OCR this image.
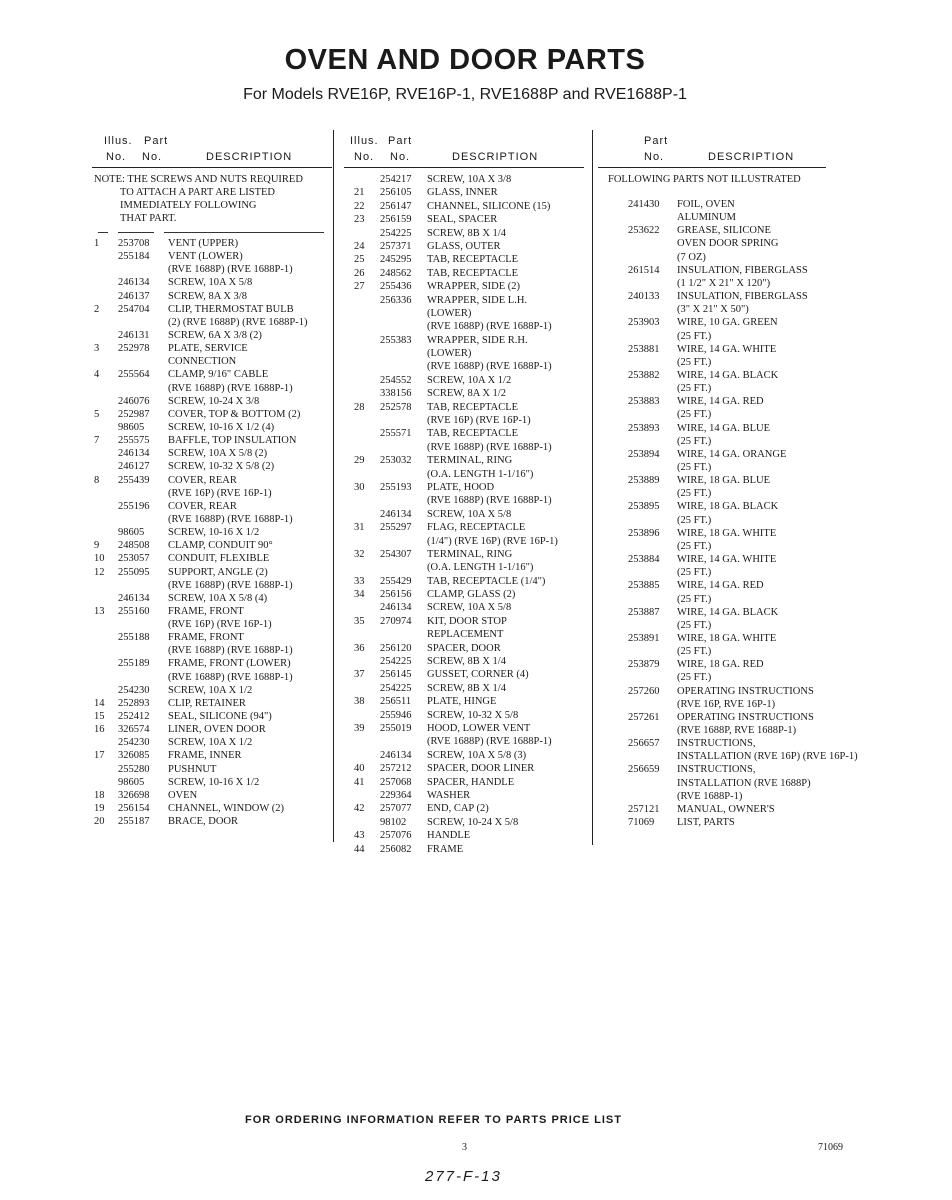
OVEN AND DOOR PARTS
For Models RVE16P, RVE16P-1, RVE1688P and RVE1688P-1
Illus. Part
No. No.	DESCRIPTION
NOTE: THE SCREWS AND NUTS REQUIRED
TO ATTACH A PART ARE LISTED
IMMEDIATELY FOLLOWING
THAT PART.
1 253708 VENT (UPPER)
255184 VENT (LOWER)
(RVE 1688P) (RVE 1688P-1)
246134 SCREW, 10A X 5/8
246137 SCREW, 8A X 3/8
2 254704 CLIP, THERMOSTAT BULB
(2) (RVE 1688P) (RVE 1688P-1)
246131 SCREW, 6A X 3/8 (2)
3 252978 PLATE, SERVICE
CONNECTION
4 255564 CLAMP, 9/16" CABLE
(RVE 1688P) (RVE 1688P-1)
246076 SCREW, 10-24 X 3/8
5 252987 COVER, TOP & BOTTOM (2)
98605 SCREW, 10-16 X 1/2 (4)
7 255575 BAFFLE, TOP INSULATION
246134 SCREW, 10A X 5/8 (2)
246127 SCREW, 10-32 X 5/8 (2)
8 255439 COVER, REAR
(RVE 16P) (RVE 16P-1)
255196 COVER, REAR
(RVE 1688P) (RVE 1688P-1)
98605 SCREW, 10-16 X 1/2
9 248508 CLAMP, CONDUIT 90°
10 253057 CONDUIT, FLEXIBLE
12 255095 SUPPORT, ANGLE (2)
(RVE 1688P) (RVE 1688P-1)
246134 SCREW, 10A X 5/8 (4)
13 255160 FRAME, FRONT
(RVE 16P) (RVE 16P-1)
255188 FRAME, FRONT
(RVE 1688P) (RVE 1688P-1)
255189 FRAME, FRONT (LOWER)
(RVE 1688P) (RVE 1688P-1)
254230 SCREW, 10A X 1/2
14 252893 CLIP, RETAINER
15 252412 SEAL, SILICONE (94")
16 326574 LINER, OVEN DOOR
254230 SCREW, 10A X 1/2
17 326085 FRAME, INNER
255280 PUSHNUT
98605 SCREW, 10-16 X 1/2
18 326698 OVEN
19 256154 CHANNEL, WINDOW (2)
20 255187 BRACE, DOOR
Illus. Part
No. No.	DESCRIPTION
254217 SCREW, 10A X 3/8
21 256105 GLASS, INNER
22 256147 CHANNEL, SILICONE (15)
23 256159 SEAL, SPACER
254225 SCREW, 8B X 1/4
24 257371 GLASS, OUTER
25 245295 TAB, RECEPTACLE
26 248562 TAB, RECEPTACLE
27 255436 WRAPPER, SIDE (2)
256336 WRAPPER, SIDE L.H.
(LOWER)
(RVE 1688P) (RVE 1688P-1)
255383 WRAPPER, SIDE R.H.
(LOWER)
(RVE 1688P) (RVE 1688P-1)
254552 SCREW, 10A X 1/2
338156 SCREW, 8A X 1/2
28 252578 TAB, RECEPTACLE
(RVE 16P) (RVE 16P-1)
255571 TAB, RECEPTACLE
(RVE 1688P) (RVE 1688P-1)
29 253032 TERMINAL, RING
(O.A. LENGTH 1-1/16")
30 255193 PLATE, HOOD
(RVE 1688P) (RVE 1688P-1)
246134 SCREW, 10A X 5/8
31 255297 FLAG, RECEPTACLE
(1/4") (RVE 16P) (RVE 16P-1)
32 254307 TERMINAL, RING
(O.A. LENGTH 1-1/16")
33 255429 TAB, RECEPTACLE (1/4")
34 256156 CLAMP, GLASS (2)
246134 SCREW, 10A X 5/8
35 270974 KIT, DOOR STOP
REPLACEMENT
36 256120 SPACER, DOOR
254225 SCREW, 8B X 1/4
37 256145 GUSSET, CORNER (4)
254225 SCREW, 8B X 1/4
38 256511 PLATE, HINGE
255946 SCREW, 10-32 X 5/8
39 255019 HOOD, LOWER VENT
(RVE 1688P) (RVE 1688P-1)
246134 SCREW, 10A X 5/8 (3)
40 257212 SPACER, DOOR LINER
41 257068 SPACER, HANDLE
229364 WASHER
42 257077 END, CAP (2)
98102 SCREW, 10-24 X 5/8
43 257076 HANDLE
44 256082 FRAME
Part
No.	DESCRIPTION
FOLLOWING PARTS NOT ILLUSTRATED
241430 FOIL, OVEN
ALUMINUM
253622 GREASE, SILICONE
OVEN DOOR SPRING
(7 OZ)
261514 INSULATION, FIBERGLASS
(1 1/2" X 21" X 120")
240133 INSULATION, FIBERGLASS
(3" X 21" X 50")
253903 WIRE, 10 GA. GREEN
(25 FT.)
253881 WIRE, 14 GA. WHITE
(25 FT.)
253882 WIRE, 14 GA. BLACK
(25 FT.)
253883 WIRE, 14 GA. RED
(25 FT.)
253893 WIRE, 14 GA. BLUE
(25 FT.)
253894 WIRE, 14 GA. ORANGE
(25 FT.)
253889 WIRE, 18 GA. BLUE
(25 FT.)
253895 WIRE, 18 GA. BLACK
(25 FT.)
253896 WIRE, 18 GA. WHITE
(25 FT.)
253884 WIRE, 14 GA. WHITE
(25 FT.)
253885 WIRE, 14 GA. RED
(25 FT.)
253887 WIRE, 14 GA. BLACK
(25 FT.)
253891 WIRE, 18 GA. WHITE
(25 FT.)
253879 WIRE, 18 GA. RED
(25 FT.)
257260 OPERATING INSTRUCTIONS
(RVE 16P, RVE 16P-1)
257261 OPERATING INSTRUCTIONS
(RVE 1688P, RVE 1688P-1)
256657 INSTRUCTIONS,
INSTALLATION (RVE 16P) (RVE 16P-1)
256659 INSTRUCTIONS,
INSTALLATION (RVE 1688P)
(RVE 1688P-1)
257121 MANUAL, OWNER'S
71069 LIST, PARTS
FOR ORDERING INFORMATION REFER TO PARTS PRICE LIST
3	71069
277-F-13
